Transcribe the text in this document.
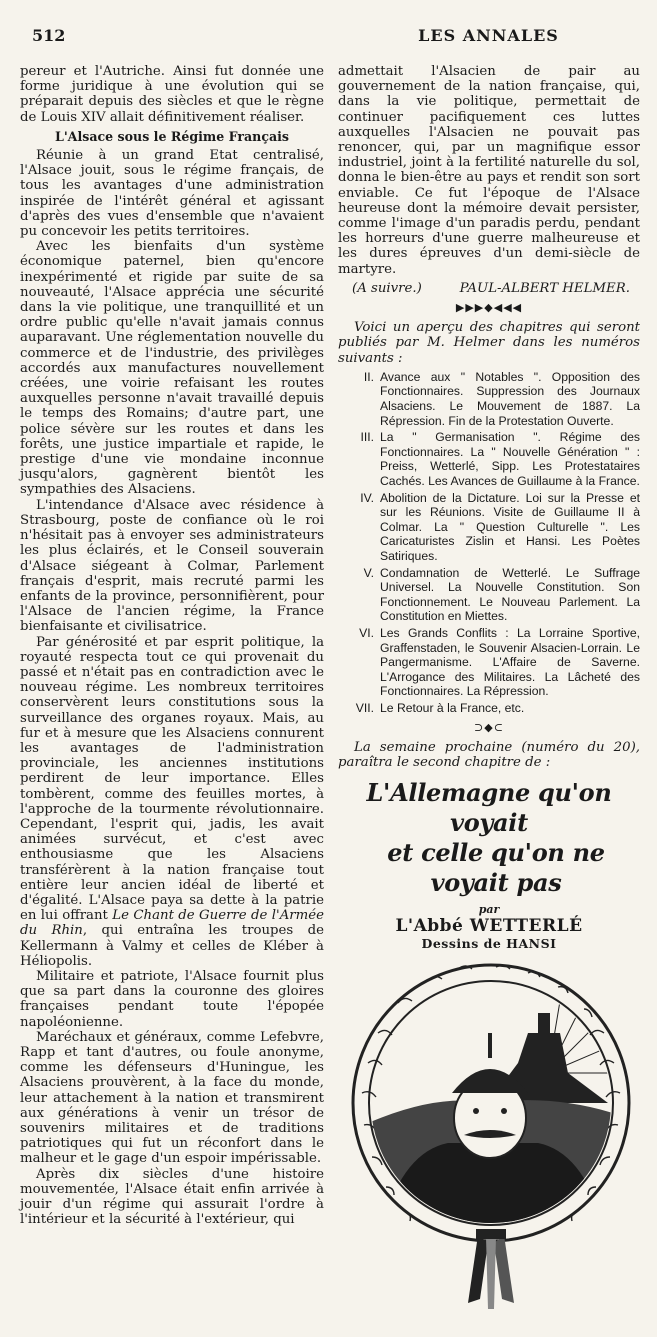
512	LES ANNALES

pereur et l'Autriche. Ainsi fut donnée une forme juridique à une évolution qui se préparait depuis des siècles et que le règne de Louis XIV allait définitivement réaliser.

L'Alsace sous le Régime Français

Réunie à un grand Etat centralisé, l'Alsace jouit, sous le régime français, de tous les avantages d'une administration inspirée de l'intérêt général et agissant d'après des vues d'ensemble que n'avaient pu concevoir les petits territoires.

Avec les bienfaits d'un système économique paternel, bien qu'encore inexpérimenté et rigide par suite de sa nouveauté, l'Alsace apprécia une sécurité dans la vie politique, une tranquillité et un ordre public qu'elle n'avait jamais connus auparavant. Une réglementation nouvelle du commerce et de l'industrie, des privilèges accordés aux manufactures nouvellement créées, une voirie refaisant les routes auxquelles personne n'avait travaillé depuis le temps des Romains; d'autre part, une police sévère sur les routes et dans les forêts, une justice impartiale et rapide, le prestige d'une vie mondaine inconnue jusqu'alors, gagnèrent bientôt les sympathies des Alsaciens.

L'intendance d'Alsace avec résidence à Strasbourg, poste de confiance où le roi n'hésitait pas à envoyer ses administrateurs les plus éclairés, et le Conseil souverain d'Alsace siégeant à Colmar, Parlement français d'esprit, mais recruté parmi les enfants de la province, personnifièrent, pour l'Alsace de l'ancien régime, la France bienfaisante et civilisatrice.

Par générosité et par esprit politique, la royauté respecta tout ce qui provenait du passé et n'était pas en contradiction avec le nouveau régime. Les nombreux territoires conservèrent leurs constitutions sous la surveillance des organes royaux. Mais, au fur et à mesure que les Alsaciens connurent les avantages de l'administration provinciale, les anciennes institutions perdirent de leur importance. Elles tombèrent, comme des feuilles mortes, à l'approche de la tourmente révolutionnaire. Cependant, l'esprit qui, jadis, les avait animées survécut, et c'est avec enthousiasme que les Alsaciens transférèrent à la nation française tout entière leur ancien idéal de liberté et d'égalité. L'Alsace paya sa dette à la patrie en lui offrant Le Chant de Guerre de l'Armée du Rhin, qui entraîna les troupes de Kellermann à Valmy et celles de Kléber à Héliopolis.

Militaire et patriote, l'Alsace fournit plus que sa part dans la couronne des gloires françaises pendant toute l'épopée napoléonienne.

Maréchaux et généraux, comme Lefebvre, Rapp et tant d'autres, ou foule anonyme, comme les défenseurs d'Huningue, les Alsaciens prouvèrent, à la face du monde, leur attachement à la nation et transmirent aux générations à venir un trésor de souvenirs militaires et de traditions patriotiques qui fut un réconfort dans le malheur et le gage d'un espoir impérissable.

Après dix siècles d'une histoire mouvementée, l'Alsace était enfin arrivée à jouir d'un régime qui assurait l'ordre à l'intérieur et la sécurité à l'extérieur, qui

admettait l'Alsacien de pair au gouvernement de la nation française, qui, dans la vie politique, permettait de continuer pacifiquement ces luttes auxquelles l'Alsacien ne pouvait pas renoncer, qui, par un magnifique essor industriel, joint à la fertilité naturelle du sol, donna le bien-être au pays et rendit son sort enviable. Ce fut l'époque de l'Alsace heureuse dont la mémoire devait persister, comme l'image d'un paradis perdu, pendant les horreurs d'une guerre malheureuse et les dures épreuves d'un demi-siècle de martyre.

(A suivre.)	PAUL-ALBERT HELMER.
▶▶▶◆◀◀◀

Voici un aperçu des chapitres qui seront publiés par M. Helmer dans les numéros suivants :

II. Avance aux " Notables ". Opposition des Fonctionnaires. Suppression des Journaux Alsaciens. Le Mouvement de 1887. La Répression. Fin de la Protestation Ouverte.
III. La " Germanisation ". Régime des Fonctionnaires. La " Nouvelle Génération " : Preiss, Wetterlé, Sipp. Les Protestataires Cachés. Les Avances de Guillaume à la France.
IV. Abolition de la Dictature. Loi sur la Presse et sur les Réunions. Visite de Guillaume II à Colmar. La " Question Culturelle ". Les Caricaturistes Zislin et Hansi. Les Poètes Satiriques.
V. Condamnation de Wetterlé. Le Suffrage Universel. La Nouvelle Constitution. Son Fonctionnement. Le Nouveau Parlement. La Constitution en Miettes.
VI. Les Grands Conflits : La Lorraine Sportive, Graffenstaden, le Souvenir Alsacien-Lorrain. Le Pangermanisme. L'Affaire de Saverne. L'Arrogance des Militaires. La Lâcheté des Fonctionnaires. La Répression.
VII. Le Retour à la France, etc.
⊃◆⊂

La semaine prochaine (numéro du 20), paraîtra le second chapitre de :

L'Allemagne qu'on voyait
et celle qu'on ne voyait pas
par
L'Abbé WETTERLÉ
Dessins de HANSI
